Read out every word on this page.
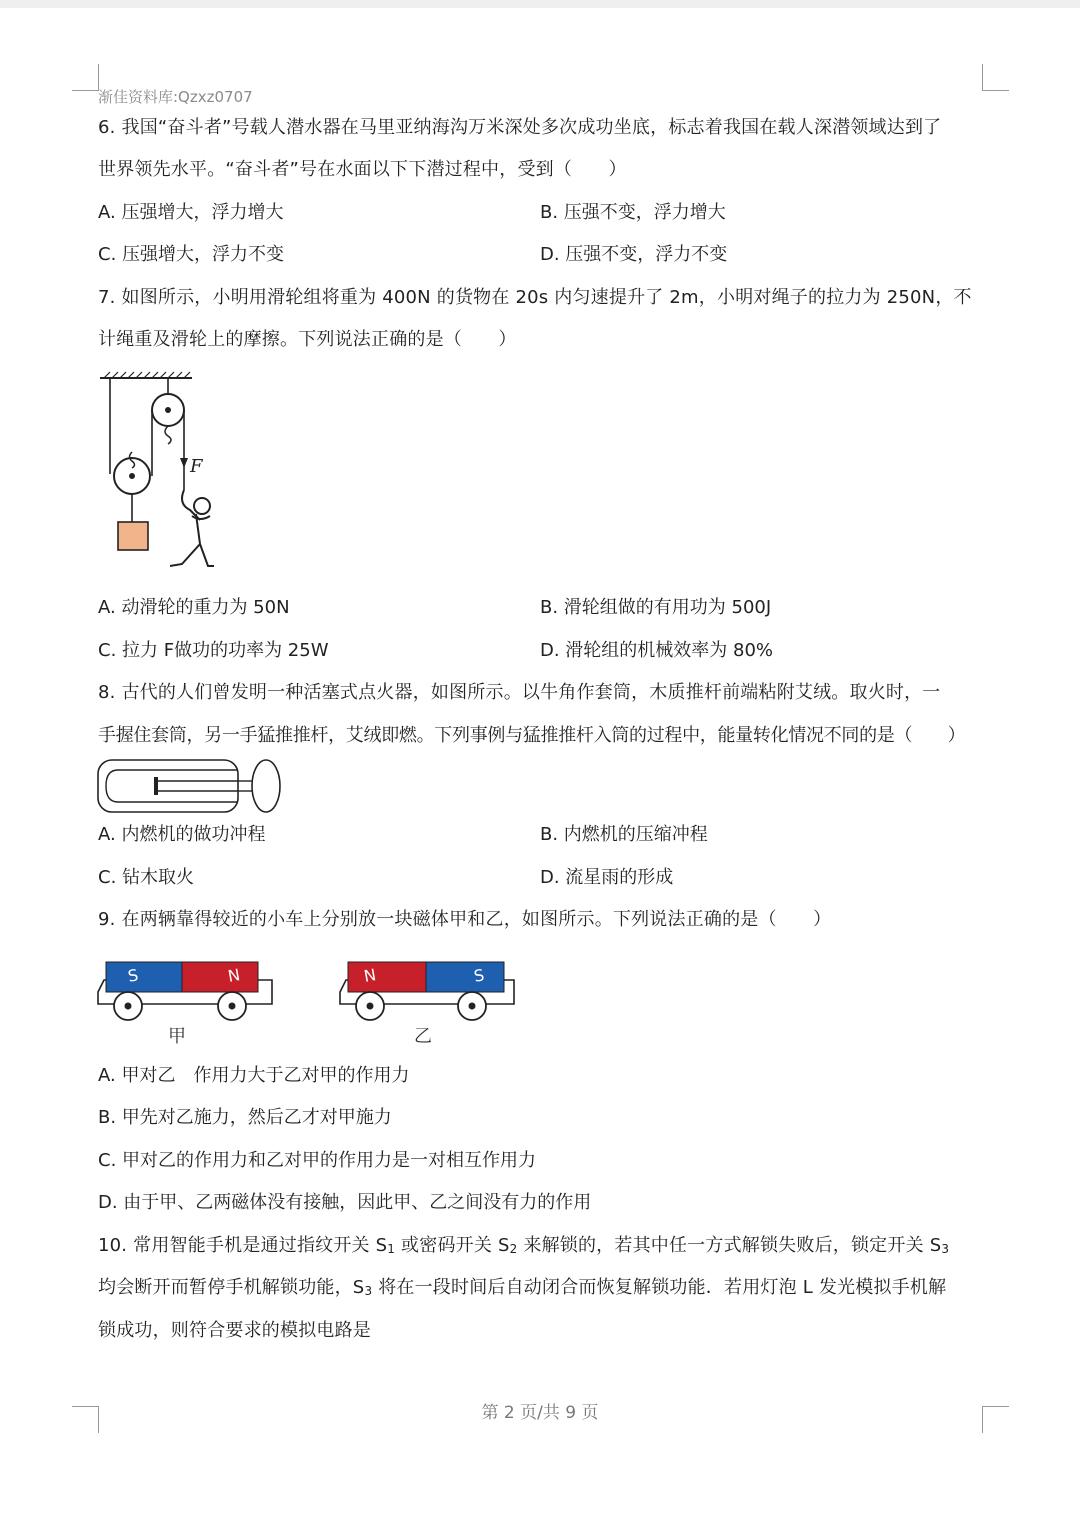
渐佳资料库:Qzxz0707
6. 我国“奋斗者”号载人潜水器在马里亚纳海沟万米深处多次成功坐底，标志着我国在载人深潜领域达到了
世界领先水平。“奋斗者”号在水面以下下潜过程中，受到（　　）
A. 压强增大，浮力增大	B. 压强不变，浮力增大
C. 压强增大，浮力不变	D. 压强不变，浮力不变
7. 如图所示，小明用滑轮组将重为 400N 的货物在 20s 内匀速提升了 2m，小明对绳子的拉力为 250N，不
计绳重及滑轮上的摩擦。下列说法正确的是（　　）
F
A. 动滑轮的重力为 50N	B. 滑轮组做的有用功为 500J
C. 拉力 F做功的功率为 25W	D. 滑轮组的机械效率为 80%
8. 古代的人们曾发明一种活塞式点火器，如图所示。以牛角作套筒，木质推杆前端粘附艾绒。取火时，一
手握住套筒，另一手猛推推杆，艾绒即燃。下列事例与猛推推杆入筒的过程中，能量转化情况不同的是（　　）
A. 内燃机的做功冲程	B. 内燃机的压缩冲程
C. 钻木取火	D. 流星雨的形成
9. 在两辆靠得较近的小车上分别放一块磁体甲和乙，如图所示。下列说法正确的是（　　）
S	N
甲
N	S
乙
A. 甲对乙　作用力大于乙对甲的作用力
B. 甲先对乙施力，然后乙才对甲施力
C. 甲对乙的作用力和乙对甲的作用力是一对相互作用力
D. 由于甲、乙两磁体没有接触，因此甲、乙之间没有力的作用
10. 常用智能手机是通过指纹开关 $S_1$ 或密码开关 $S_2$ 来解锁的，若其中任一方式解锁失败后，锁定开关 $S_3$
均会断开而暂停手机解锁功能，$S_3$ 将在一段时间后自动闭合而恢复解锁功能．若用灯泡 L 发光模拟手机解
锁成功，则符合要求的模拟电路是
第 2 页/共 9 页
